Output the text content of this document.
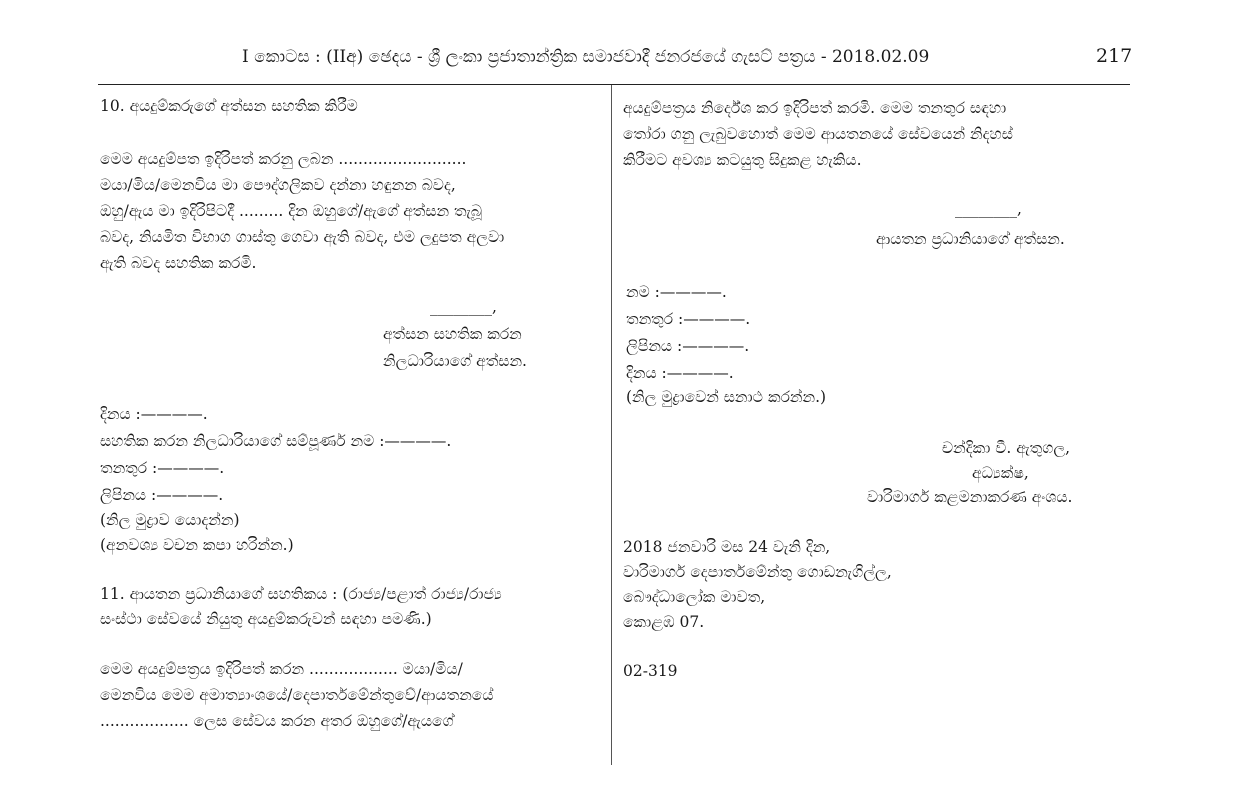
I කොටස : (IIඅ) ඡෙදය - ශ්‍රී ලංකා ප්‍රජාතාන්ත්‍රික සමාජවාදී ජනරජයේ ගැසට් පත්‍රය - 2018.02.09	217
10. අයදුම්කරුගේ අත්සන සහතික කිරීම
මෙම අයදුම්පත ඉදිරිපත් කරනු ලබන ..........................
මයා/මිය/මෙනවිය මා පෞද්ගලිකව දන්නා හඳුනන බවද,
ඔහු/ඇය මා ඉදිරිපිටදී ......... දින ඔහුගේ/ඇගේ අත්සන තැබූ
බවද, නියමිත විභාග ගාස්තු ගෙවා ඇති බවද, එම ලදුපත අලවා
ඇති බවද සහතික කරමි.
________,
අත්සන සහතික කරන
නිලධාරියාගේ අත්සන.
දිනය :————.
සහතික කරන නිලධාරියාගේ සම්පූර්ණ නම :————.
තනතුර :————.
ලිපිනය :————.
(නිල මුද්‍රාව යොදන්න)
(අනවශ්‍ය වචන කපා හරින්න.)
11. ආයතන ප්‍රධානියාගේ සහතිකය : (රාජ්‍ය/පළාත් රාජ්‍ය/රාජ්‍ය
සංස්ථා සේවයේ නියුතු අයදුම්කරුවන් සඳහා පමණි.)
මෙම අයදුම්පත්‍රය ඉදිරිපත් කරන .................. මයා/මිය/
මෙනවිය මෙම අමාත්‍යාංශයේ/දෙපාර්තමේන්තුවේ/ආයතනයේ
.................. ලෙස සේවය කරන අතර ඔහුගේ/ඇයගේ
අයදුම්පත්‍රය නිර්දේශ කර ඉදිරිපත් කරමි. මෙම තනතුර සඳහා
තෝරා ගනු ලැබුවහොත් මෙම ආයතනයේ සේවයෙන් නිදහස්
කිරීමට අවශ්‍ය කටයුතු සිදුකළ හැකිය.
________,
ආයතන ප්‍රධානියාගේ අත්සන.
නම :————.
තනතුර :————.
ලිපිනය :————.
දිනය :————.
(නිල මුද්‍රාවෙන් සනාථ කරන්න.)
චන්දිකා වී. ඇතුගල,
අධ්‍යක්ෂ,
වාරිමාර්ග කළමනාකරණ අංශය.
2018 ජනවාරි මස 24 වැනි දින,
වාරිමාර්ග දෙපාර්තමේන්තු ගොඩනැගිල්ල,
බෞද්ධාලෝක මාවත,
කොළඹ 07.
02-319
